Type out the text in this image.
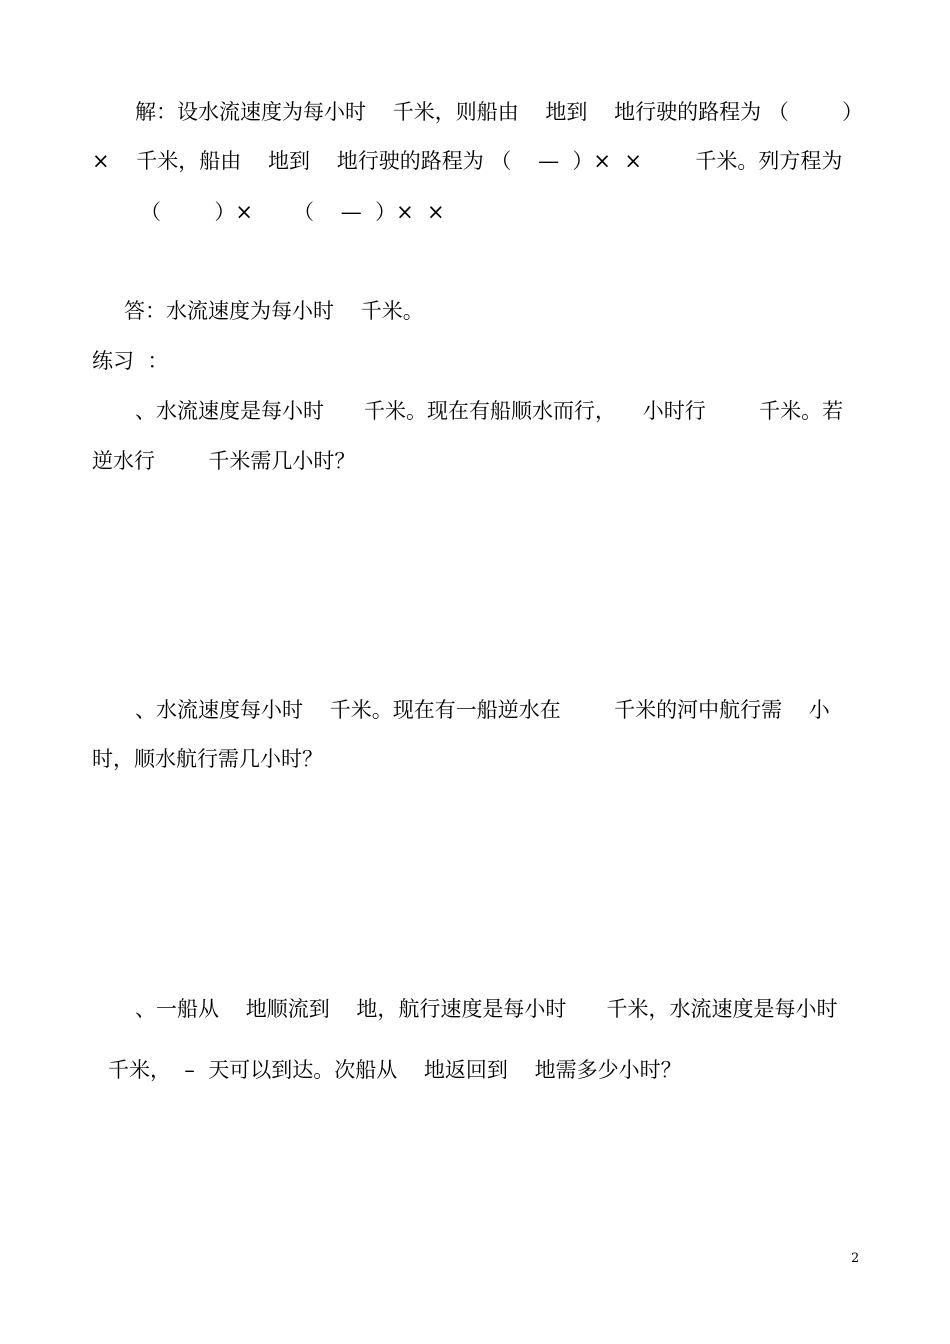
解：设水流速度为每小时    千米，则船由    地到    地行驶的路程为 （        ）

×    千米，船由    地到    地行驶的路程为 （    —  ）×  ×        千米。列方程为

（        ）×      （    —  ）×  ×

答：水流速度为每小时    千米。

练习  ：

、水流速度是每小时      千米。现在有船顺水而行，    小时行        千米。若

逆水行        千米需几小时？

、水流速度每小时    千米。现在有一船逆水在        千米的河中航行需    小

时，顺水航行需几小时？

、一船从    地顺流到    地，航行速度是每小时      千米，水流速度是每小时

千米，  –  天可以到达。次船从    地返回到    地需多少小时？

2
